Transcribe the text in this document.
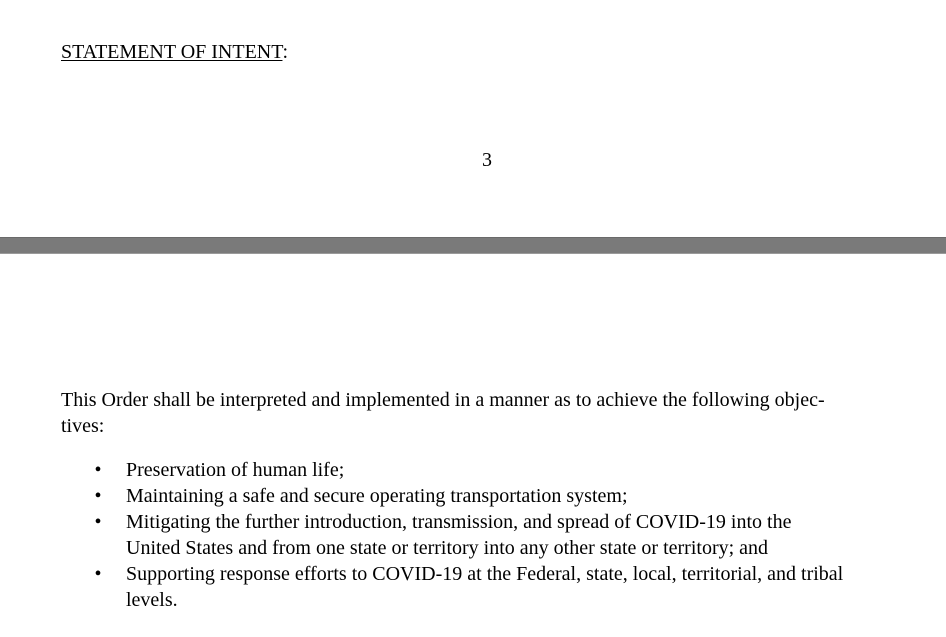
STATEMENT OF INTENT:
3

This Order shall be interpreted and implemented in a manner as to achieve the following objec-
tives:

• Preservation of human life;
• Maintaining a safe and secure operating transportation system;
• Mitigating the further introduction, transmission, and spread of COVID-19 into the
United States and from one state or territory into any other state or territory; and
• Supporting response efforts to COVID-19 at the Federal, state, local, territorial, and tribal
levels.
